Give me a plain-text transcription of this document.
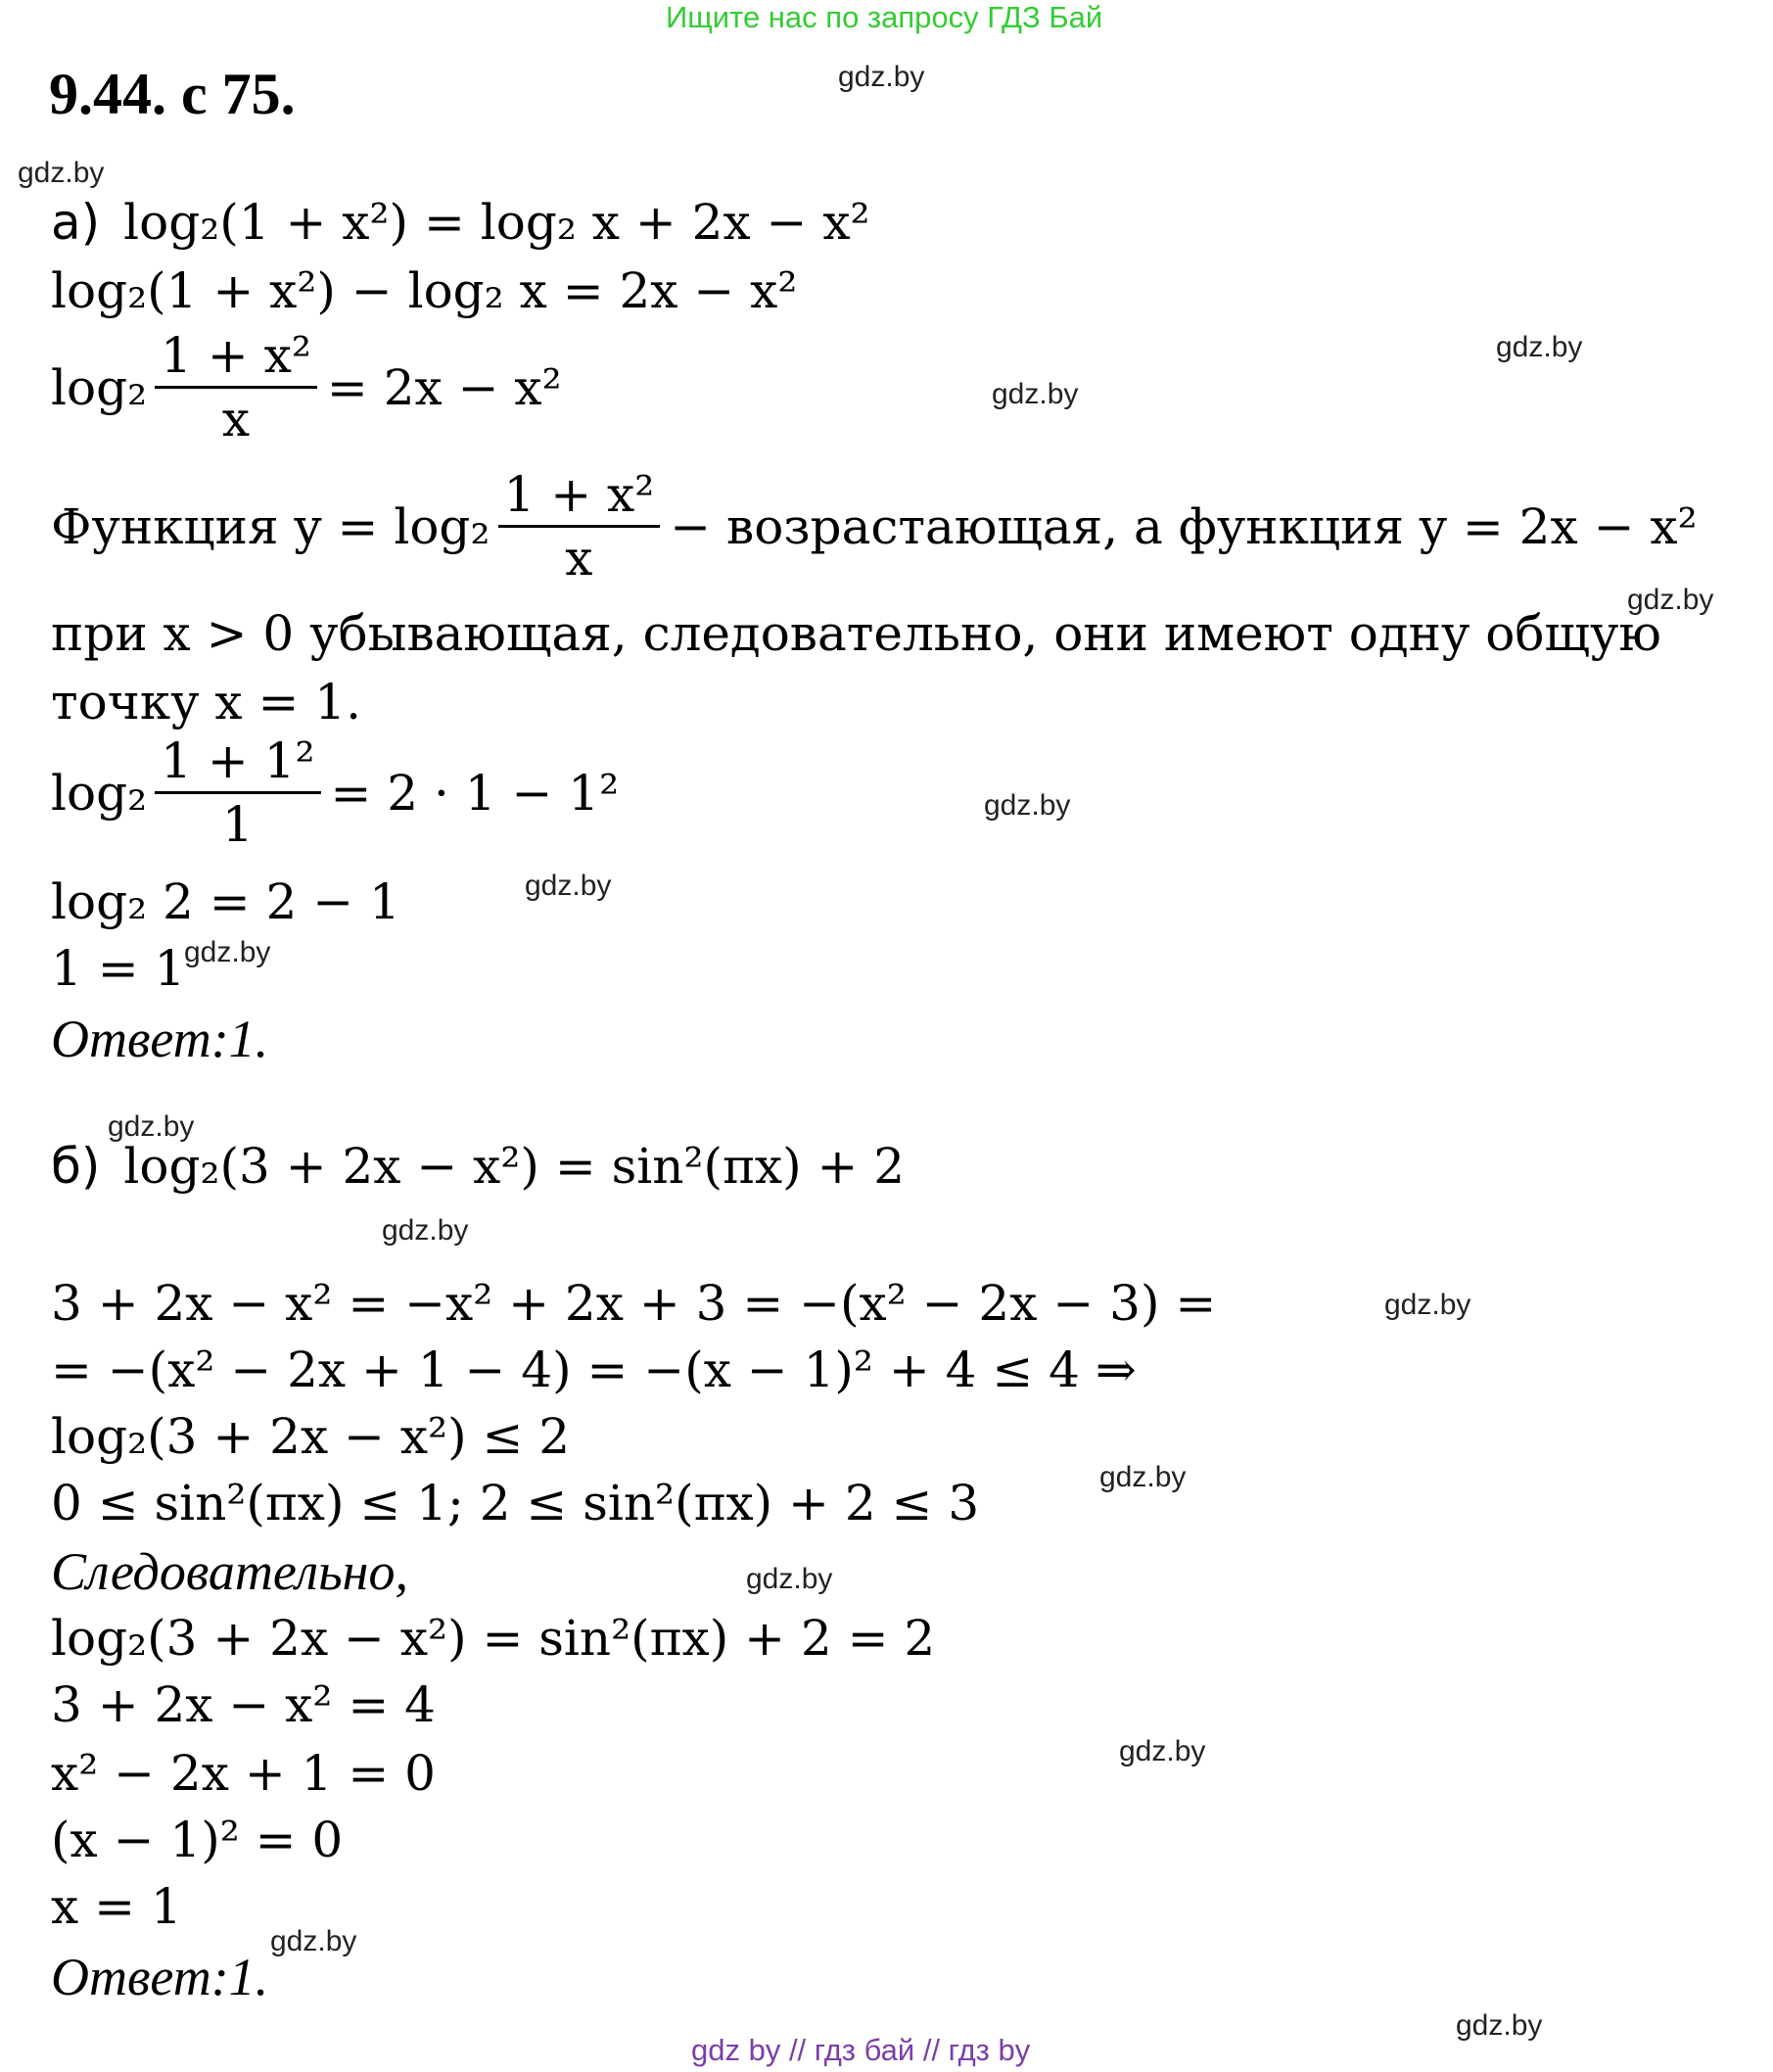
Ищите нас по запросу ГДЗ Бай
9.44. с 75.	gdz.by
gdz.by
gdz.by
gdz.by
gdz.by
gdz.by
gdz.by
gdz.by
gdz.by
gdz.by
gdz.by
gdz.by
gdz.by
gdz.by
gdz.by
gdz.by
а) log₂(1 + x²) = log₂ x + 2x − x²
log₂(1 + x²) − log₂ x = 2x − x²
$\log_2 \frac{\text{1 + x²}}{x} = 2x - x^2$
Функция $y = \log_2 \frac{\text{1 + x²}}{x}$ − возрастающая, а функция y = 2x − x²
при x > 0 убывающая, следовательно, они имеют одну общую
точку x = 1.
$\log_2 \frac{\text{1 + 1²}}{1} = 2 \cdot 1 - 1^2$
log₂ 2 = 2 − 1
1 = 1
Ответ:1.
б) log₂(3 + 2x − x²) = sin²(πx) + 2
3 + 2x − x² = −x² + 2x + 3 = −(x² − 2x − 3) =
= −(x² − 2x + 1 − 4) = −(x − 1)² + 4 ≤ 4 ⇒
log₂(3 + 2x − x²) ≤ 2
0 ≤ sin²(πx) ≤ 1; 2 ≤ sin²(πx) + 2 ≤ 3
Следовательно,
log₂(3 + 2x − x²) = sin²(πx) + 2 = 2
3 + 2x − x² = 4
x² − 2x + 1 = 0
(x − 1)² = 0
x = 1
Ответ:1.
gdz by // гдз бай // гдз by
